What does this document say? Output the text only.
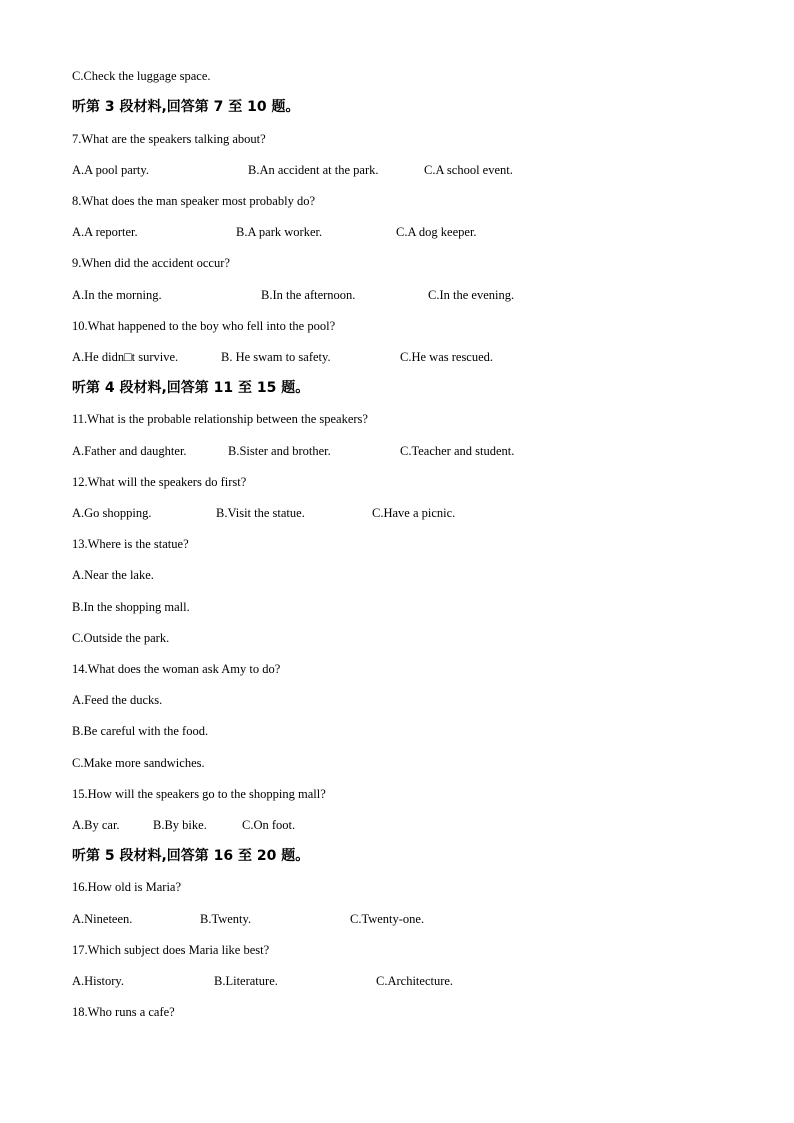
C.Check the luggage space.
听第 3 段材料,回答第 7 至 10 题。
7.What are the speakers talking about?
A.A pool party.	B.An accident at the park.	C.A school event.
8.What does the man speaker most probably do?
A.A reporter.	B.A park worker.	C.A dog keeper.
9.When did the accident occur?
A.In the morning.	B.In the afternoon.	C.In the evening.
10.What happened to the boy who fell into the pool?
A.He didn□t survive.	B. He swam to safety.	C.He was rescued.
听第 4 段材料,回答第 11 至 15 题。
11.What is the probable relationship between the speakers?
A.Father and daughter.	B.Sister and brother.	C.Teacher and student.
12.What will the speakers do first?
A.Go shopping.	B.Visit the statue.	C.Have a picnic.
13.Where is the statue?
A.Near the lake.
B.In the shopping mall.
C.Outside the park.
14.What does the woman ask Amy to do?
A.Feed the ducks.
B.Be careful with the food.
C.Make more sandwiches.
15.How will the speakers go to the shopping mall?
A.By car.	B.By bike.	C.On foot.
听第 5 段材料,回答第 16 至 20 题。
16.How old is Maria?
A.Nineteen.	B.Twenty.	C.Twenty-one.
17.Which subject does Maria like best?
A.History.	B.Literature.	C.Architecture.
18.Who runs a cafe?
